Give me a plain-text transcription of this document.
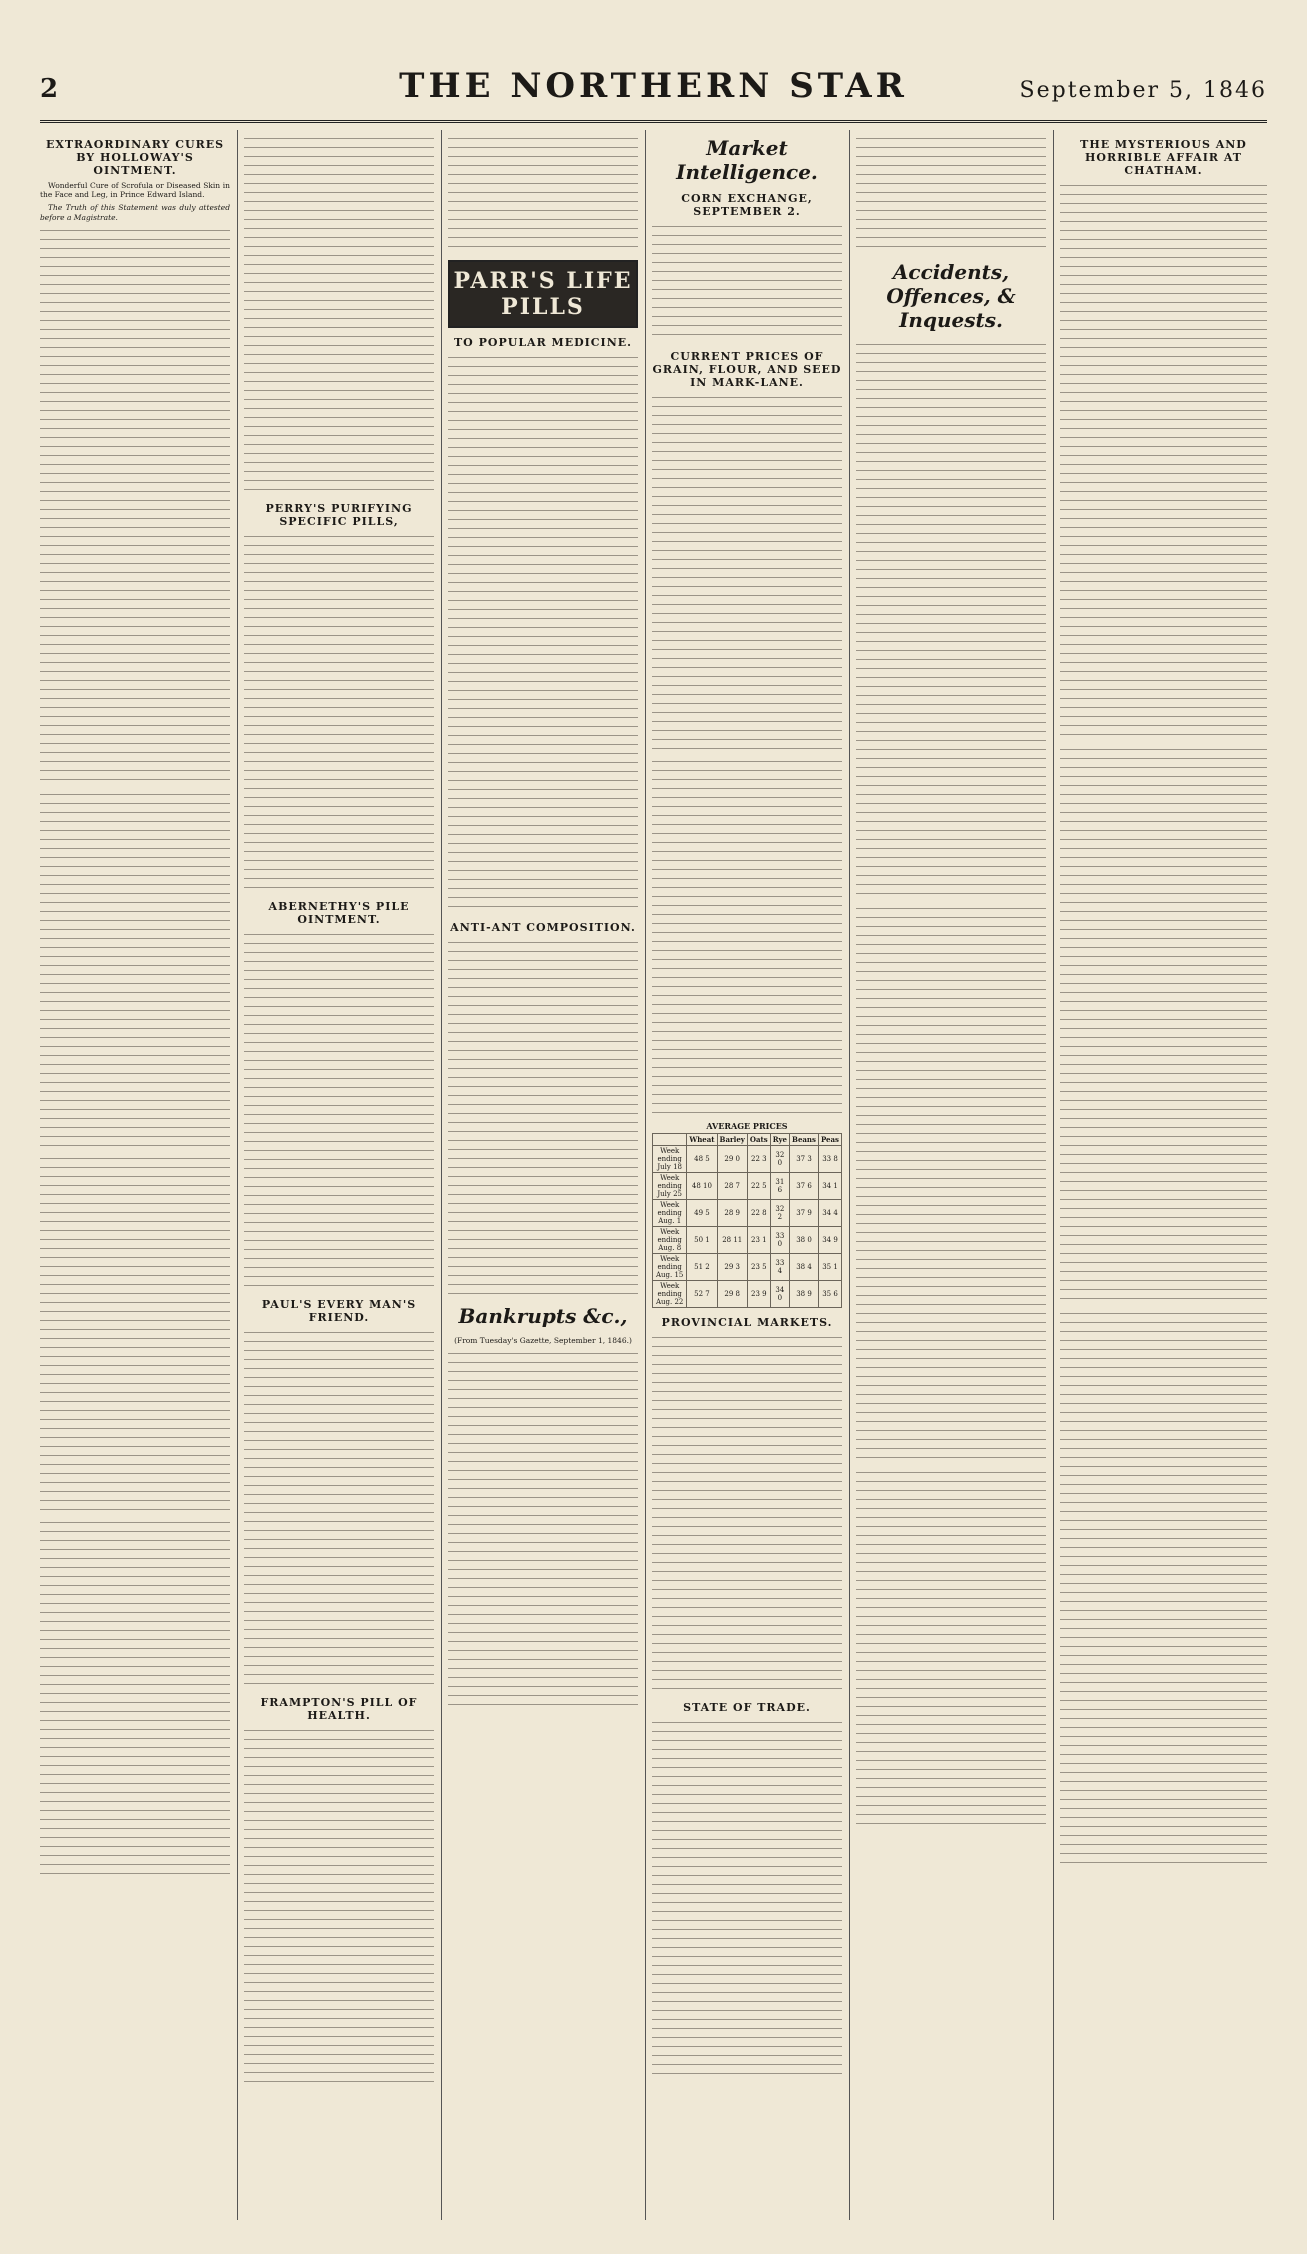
2	THE NORTHERN STAR	September 5, 1846
EXTRAORDINARY CURES BY HOLLOWAY'S OINTMENT.

Wonderful Cure of Scrofula or Diseased Skin in the Face and Leg, in Prince Edward Island.

The Truth of this Statement was duly attested before a Magistrate.

PERRY'S PURIFYING SPECIFIC PILLS,
ABERNETHY'S PILE OINTMENT.
PAUL'S EVERY MAN'S FRIEND.
FRAMPTON'S PILL OF HEALTH.
PARR'S LIFE PILLS
TO POPULAR MEDICINE.
ANTI-ANT COMPOSITION.
Bankrupts &c.,

(From Tuesday's Gazette, September 1, 1846.)

Market Intelligence.
CORN EXCHANGE, SEPTEMBER 2.
CURRENT PRICES OF GRAIN, FLOUR, AND SEED IN MARK-LANE.
AVERAGE PRICES
	Wheat	Barley	Oats	Rye	Beans	Peas
Week ending July 18	48 5	29 0	22 3	32 0	37 3	33 8
Week ending July 25	48 10	28 7	22 5	31 6	37 6	34 1
Week ending Aug. 1	49 5	28 9	22 8	32 2	37 9	34 4
Week ending Aug. 8	50 1	28 11	23 1	33 0	38 0	34 9
Week ending Aug. 15	51 2	29 3	23 5	33 4	38 4	35 1
Week ending Aug. 22	52 7	29 8	23 9	34 0	38 9	35 6
PROVINCIAL MARKETS.
STATE OF TRADE.
Accidents, Offences, & Inquests.
THE MYSTERIOUS AND HORRIBLE AFFAIR AT CHATHAM.
